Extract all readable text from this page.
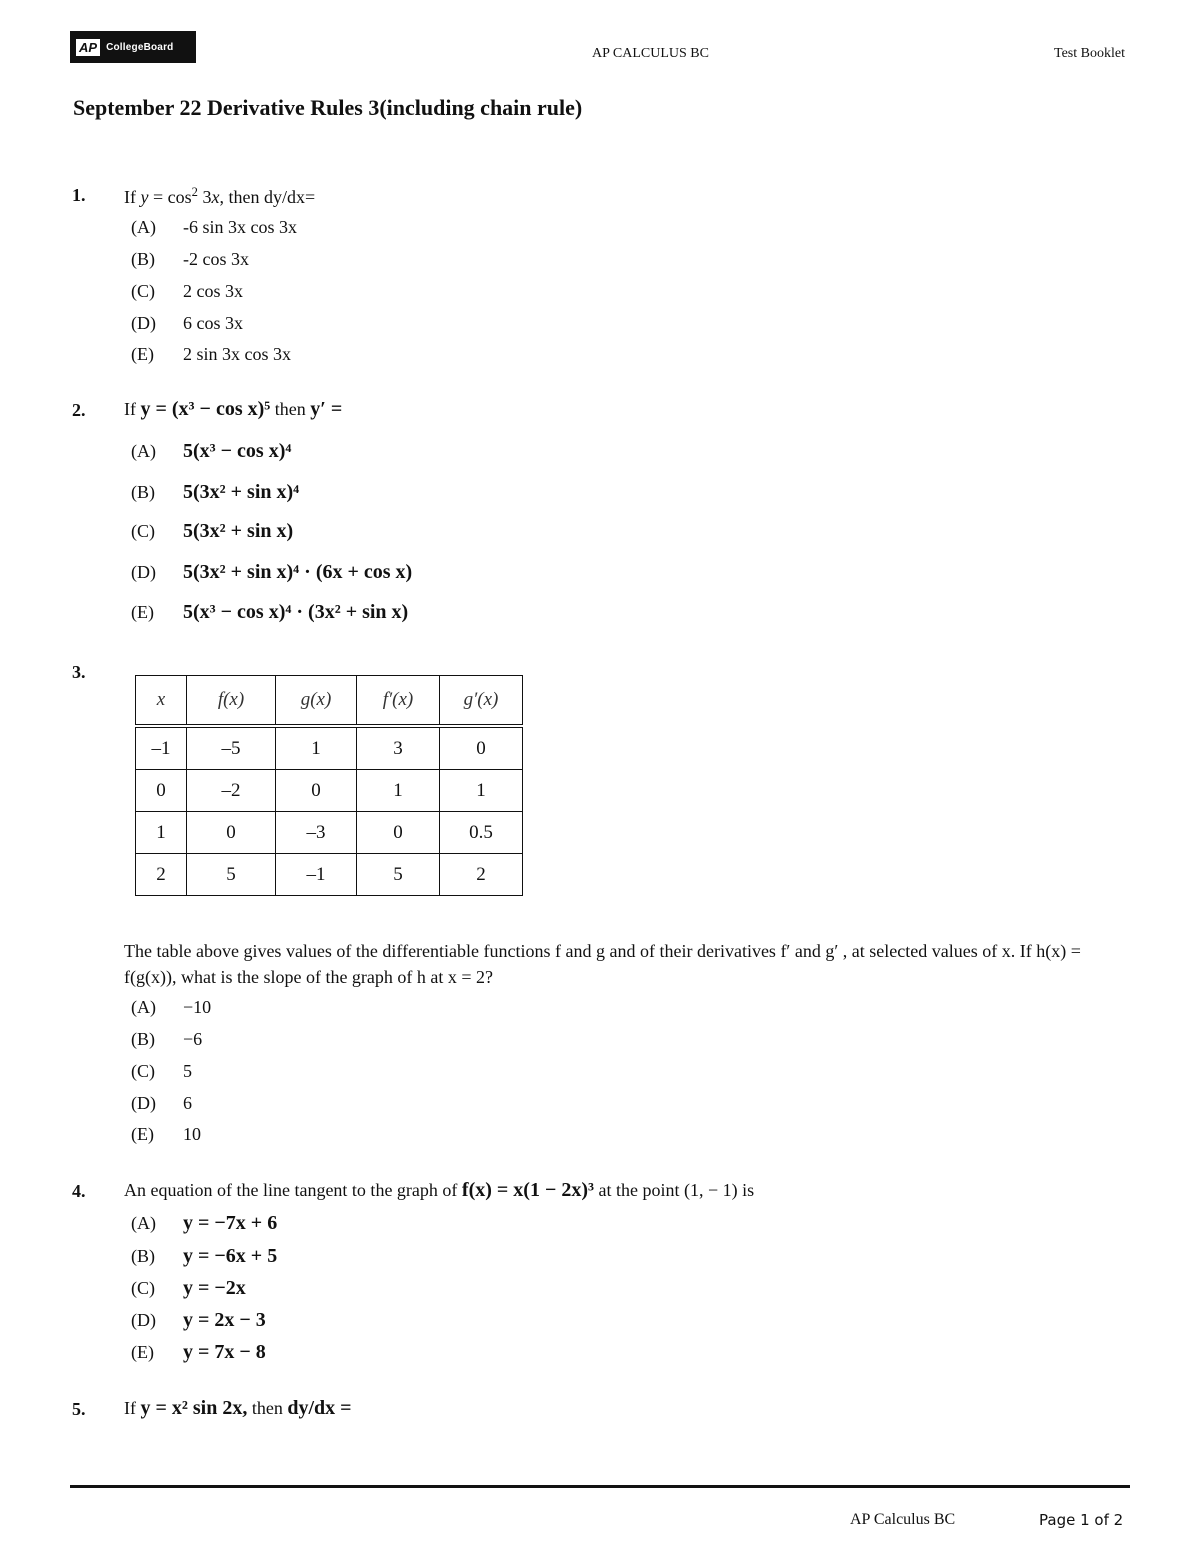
AP CollegeBoard	AP CALCULUS BC	Test Booklet
September 22 Derivative Rules 3(including chain rule)
1. If $y = \cos^2 3x$, then dy/dx=
(A)	-6 sin 3x cos 3x
(B)	-2 cos 3x
(C)	2 cos 3x
(D)	6 cos 3x
(E)	2 sin 3x cos 3x
2. If y = (x³ − cos x)⁵ then y′ =
(A)	5(x³ − cos x)⁴
(B)	5(3x² + sin x)⁴
(C)	5(3x² + sin x)
(D)	5(3x² + sin x)⁴ · (6x + cos x)
(E)	5(x³ − cos x)⁴ · (3x² + sin x)
3.
x	f(x)	g(x)	f′(x)	g′(x)
–1	–5	1	3	0
0	–2	0	1	1
1	0	–3	0	0.5
2	5	–1	5	2
The table above gives values of the differentiable functions f and g and of their derivatives f′ and g′ , at selected values of x. If h(x) = f(g(x)), what is the slope of the graph of h at x = 2?
(A)	−10
(B)	−6
(C)	5
(D)	6
(E)	10
4. An equation of the line tangent to the graph of f(x) = x(1 − 2x)³ at the point (1, − 1) is
(A)	y = −7x + 6
(B)	y = −6x + 5
(C)	y = −2x
(D)	y = 2x − 3
(E)	y = 7x − 8
5. If y = x² sin 2x, then dy/dx =
AP Calculus BC	Page 1 of 2
